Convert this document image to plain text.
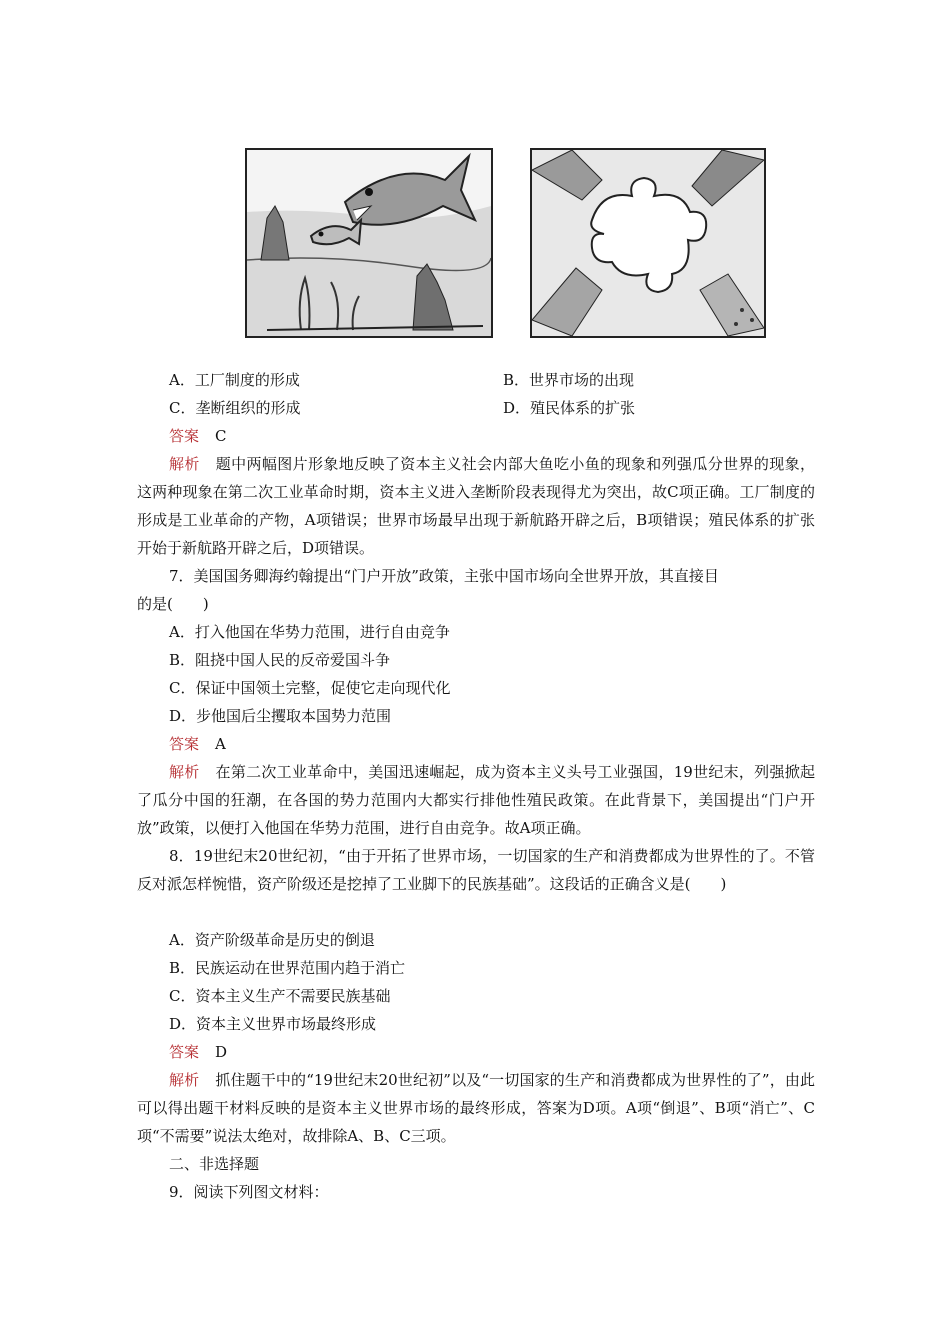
A．工厂制度的形成	B．世界市场的出现
C．垄断组织的形成	D．殖民体系的扩张
答案 C
解析 题中两幅图片形象地反映了资本主义社会内部大鱼吃小鱼的现象和列强瓜分世界的现象，这两种现象在第二次工业革命时期，资本主义进入垄断阶段表现得尤为突出，故C项正确。工厂制度的形成是工业革命的产物，A项错误；世界市场最早出现于新航路开辟之后，B项错误；殖民体系的扩张开始于新航路开辟之后，D项错误。
7．美国国务卿海约翰提出“门户开放”政策，主张中国市场向全世界开放，其直接目
的是(　　)
A．打入他国在华势力范围，进行自由竞争
B．阻挠中国人民的反帝爱国斗争
C．保证中国领土完整，促使它走向现代化
D．步他国后尘攫取本国势力范围
答案 A
解析 在第二次工业革命中，美国迅速崛起，成为资本主义头号工业强国，19世纪末，列强掀起了瓜分中国的狂潮，在各国的势力范围内大都实行排他性殖民政策。在此背景下，美国提出“门户开放”政策，以便打入他国在华势力范围，进行自由竞争。故A项正确。
8．19世纪末20世纪初，“由于开拓了世界市场，一切国家的生产和消费都成为世界性的了。不管反对派怎样惋惜，资产阶级还是挖掉了工业脚下的民族基础”。这段话的正确含义是(　　)
A．资产阶级革命是历史的倒退
B．民族运动在世界范围内趋于消亡
C．资本主义生产不需要民族基础
D．资本主义世界市场最终形成
答案 D
解析 抓住题干中的“19世纪末20世纪初”以及“一切国家的生产和消费都成为世界性的了”，由此可以得出题干材料反映的是资本主义世界市场的最终形成，答案为D项。A项“倒退”、B项“消亡”、C项“不需要”说法太绝对，故排除A、B、C三项。
二、非选择题
9．阅读下列图文材料：
